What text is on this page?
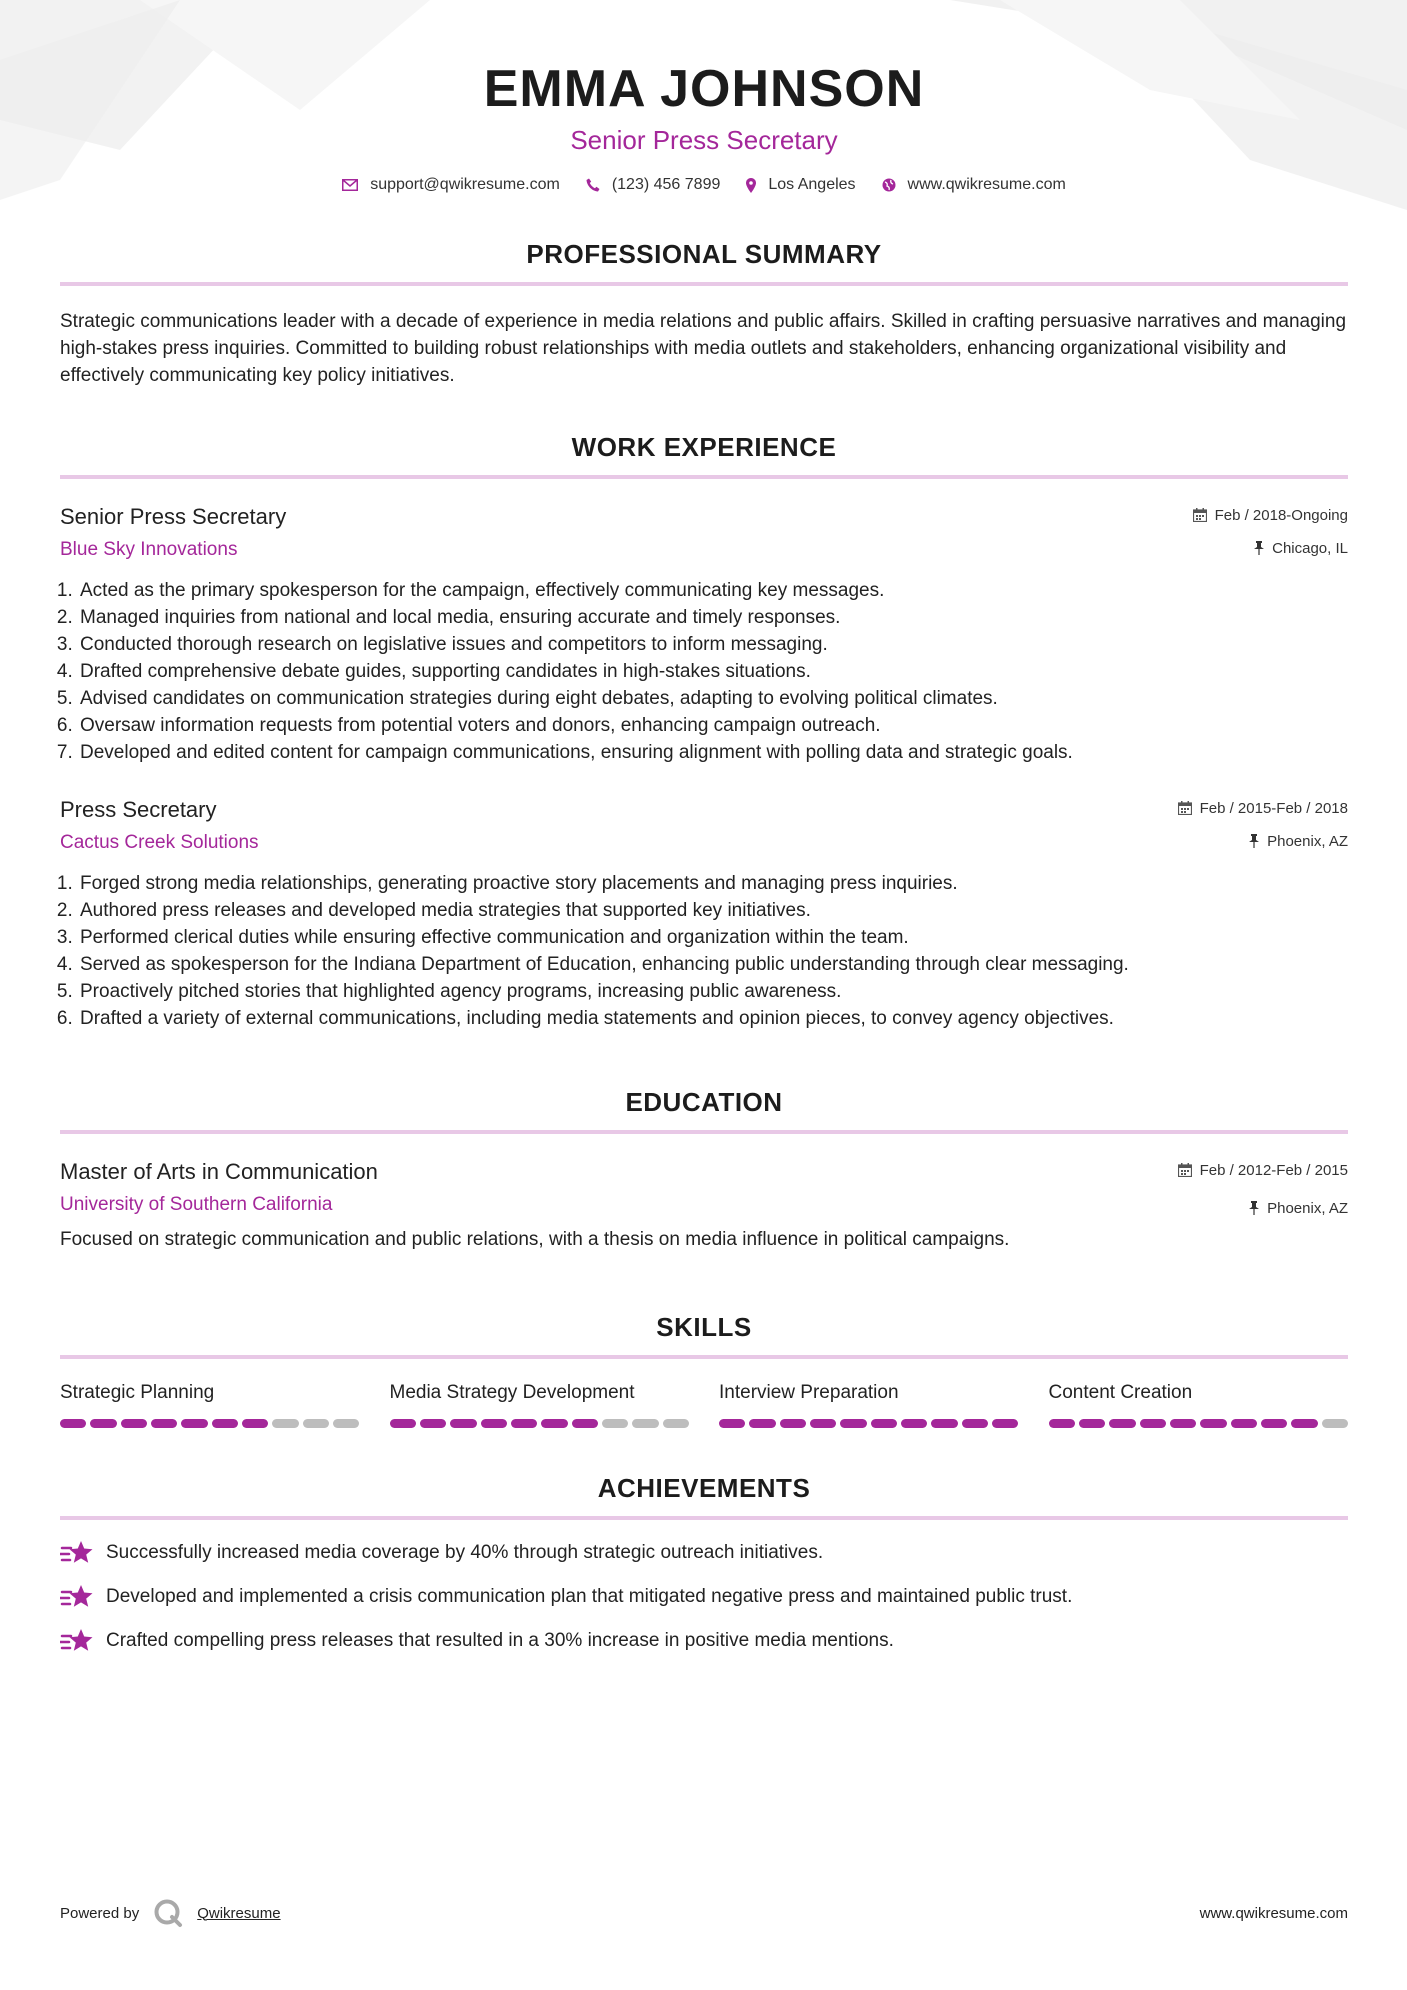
EMMA JOHNSON
Senior Press Secretary
support@qwikresume.com	(123) 456 7899	Los Angeles	www.qwikresume.com
PROFESSIONAL SUMMARY
Strategic communications leader with a decade of experience in media relations and public affairs. Skilled in crafting persuasive narratives and managing high-stakes press inquiries. Committed to building robust relationships with media outlets and stakeholders, enhancing organizational visibility and effectively communicating key policy initiatives.
WORK EXPERIENCE
Senior Press Secretary
Blue Sky Innovations
Feb / 2018-Ongoing
Chicago, IL
1. Acted as the primary spokesperson for the campaign, effectively communicating key messages.
2. Managed inquiries from national and local media, ensuring accurate and timely responses.
3. Conducted thorough research on legislative issues and competitors to inform messaging.
4. Drafted comprehensive debate guides, supporting candidates in high-stakes situations.
5. Advised candidates on communication strategies during eight debates, adapting to evolving political climates.
6. Oversaw information requests from potential voters and donors, enhancing campaign outreach.
7. Developed and edited content for campaign communications, ensuring alignment with polling data and strategic goals.
Press Secretary
Cactus Creek Solutions
Feb / 2015-Feb / 2018
Phoenix, AZ
1. Forged strong media relationships, generating proactive story placements and managing press inquiries.
2. Authored press releases and developed media strategies that supported key initiatives.
3. Performed clerical duties while ensuring effective communication and organization within the team.
4. Served as spokesperson for the Indiana Department of Education, enhancing public understanding through clear messaging.
5. Proactively pitched stories that highlighted agency programs, increasing public awareness.
6. Drafted a variety of external communications, including media statements and opinion pieces, to convey agency objectives.
EDUCATION
Master of Arts in Communication
University of Southern California
Feb / 2012-Feb / 2015
Phoenix, AZ
Focused on strategic communication and public relations, with a thesis on media influence in political campaigns.
SKILLS
Strategic Planning	Media Strategy Development	Interview Preparation	Content Creation
ACHIEVEMENTS
Successfully increased media coverage by 40% through strategic outreach initiatives.
Developed and implemented a crisis communication plan that mitigated negative press and maintained public trust.
Crafted compelling press releases that resulted in a 30% increase in positive media mentions.
Powered by	Qwikresume	www.qwikresume.com
